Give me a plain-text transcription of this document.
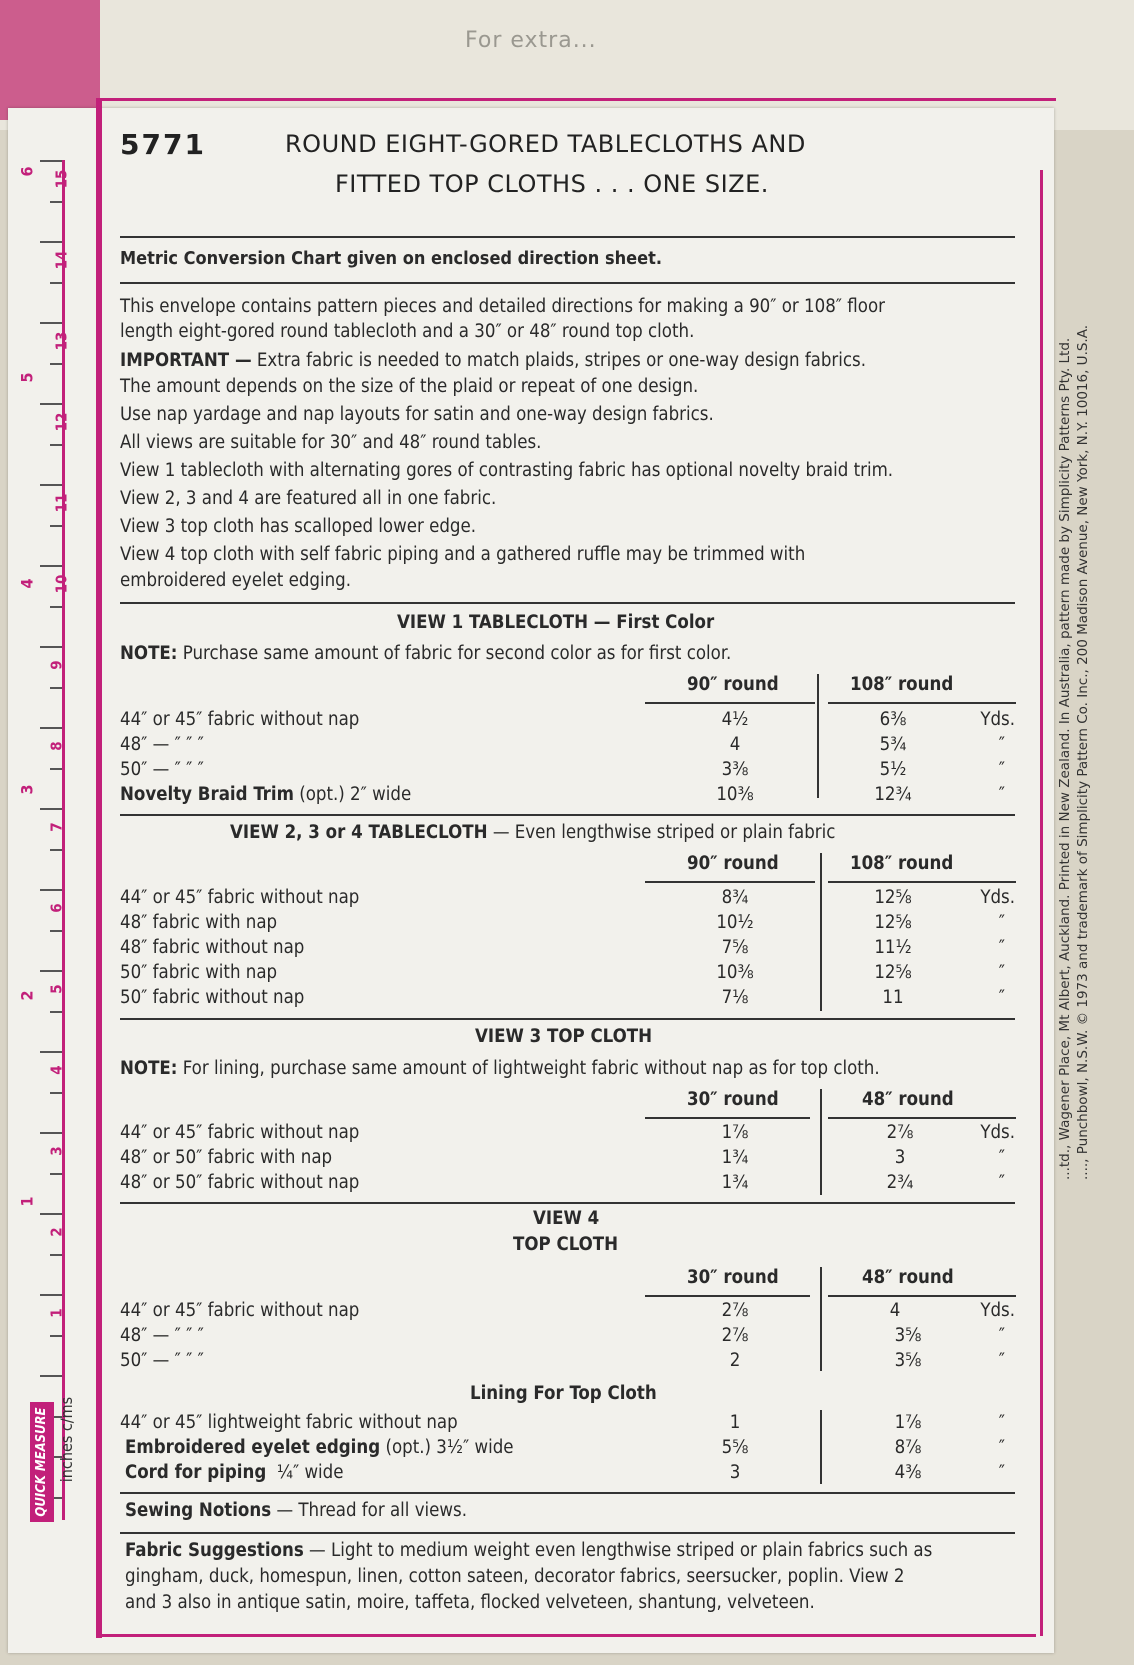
For extra...
15
14
13
12
11
10
9
8
7
6
5
4
3
2
1
6
5
4
3
2
1
inches c/ms
QUICK MEASURE
5771	ROUND EIGHT-GORED TABLECLOTHS AND
FITTED TOP CLOTHS . . . ONE SIZE.
Metric Conversion Chart given on enclosed direction sheet.
This envelope contains pattern pieces and detailed directions for making a 90″ or 108″ floor
length eight-gored round tablecloth and a 30″ or 48″ round top cloth.
IMPORTANT — Extra fabric is needed to match plaids, stripes or one-way design fabrics.
The amount depends on the size of the plaid or repeat of one design.
Use nap yardage and nap layouts for satin and one-way design fabrics.
All views are suitable for 30″ and 48″ round tables.
View 1 tablecloth with alternating gores of contrasting fabric has optional novelty braid trim.
View 2, 3 and 4 are featured all in one fabric.
View 3 top cloth has scalloped lower edge.
View 4 top cloth with self fabric piping and a gathered ruffle may be trimmed with
embroidered eyelet edging.
VIEW 1 TABLECLOTH — First Color
NOTE: Purchase same amount of fabric for second color as for first color.
90″ round	108″ round
44″ or 45″ fabric without nap	4½	6⅜	Yds.
48″ — ″ ″ ″	4	5¾	″
50″ — ″ ″ ″	3⅜	5½	″
Novelty Braid Trim (opt.) 2″ wide	10⅜	12¾	″
VIEW 2, 3 or 4 TABLECLOTH — Even lengthwise striped or plain fabric
90″ round	108″ round
44″ or 45″ fabric without nap	8¾	12⅝	Yds.
48″ fabric with nap	10½	12⅝	″
48″ fabric without nap	7⅝	11½	″
50″ fabric with nap	10⅜	12⅝	″
50″ fabric without nap	7⅛	11	″
VIEW 3 TOP CLOTH
NOTE: For lining, purchase same amount of lightweight fabric without nap as for top cloth.
30″ round	48″ round
44″ or 45″ fabric without nap	1⅞	2⅞	Yds.
48″ or 50″ fabric with nap	1¾	3	″
48″ or 50″ fabric without nap	1¾	2¾	″
VIEW 4
TOP CLOTH
30″ round	48″ round
44″ or 45″ fabric without nap	2⅞	4	Yds.
48″ — ″ ″ ″	2⅞	3⅝	″
50″ — ″ ″ ″	2	3⅝	″
Lining For Top Cloth
44″ or 45″ lightweight fabric without nap	1	1⅞	″
Embroidered eyelet edging (opt.) 3½″ wide	5⅝	8⅞	″
Cord for piping ¼″ wide	3	4⅜	″
Sewing Notions — Thread for all views.
Fabric Suggestions — Light to medium weight even lengthwise striped or plain fabrics such as
gingham, duck, homespun, linen, cotton sateen, decorator fabrics, seersucker, poplin. View 2
and 3 also in antique satin, moire, taffeta, flocked velveteen, shantung, velveteen.
...td., Wagener Place, Mt Albert, Auckland. Printed in New Zealand. In Australia, pattern made by Simplicity Patterns Pty. Ltd. ...., Punchbowl, N.S.W. © 1973 and trademark of Simplicity Pattern Co. Inc., 200 Madison Avenue, New York, N.Y. 10016, U.S.A.
